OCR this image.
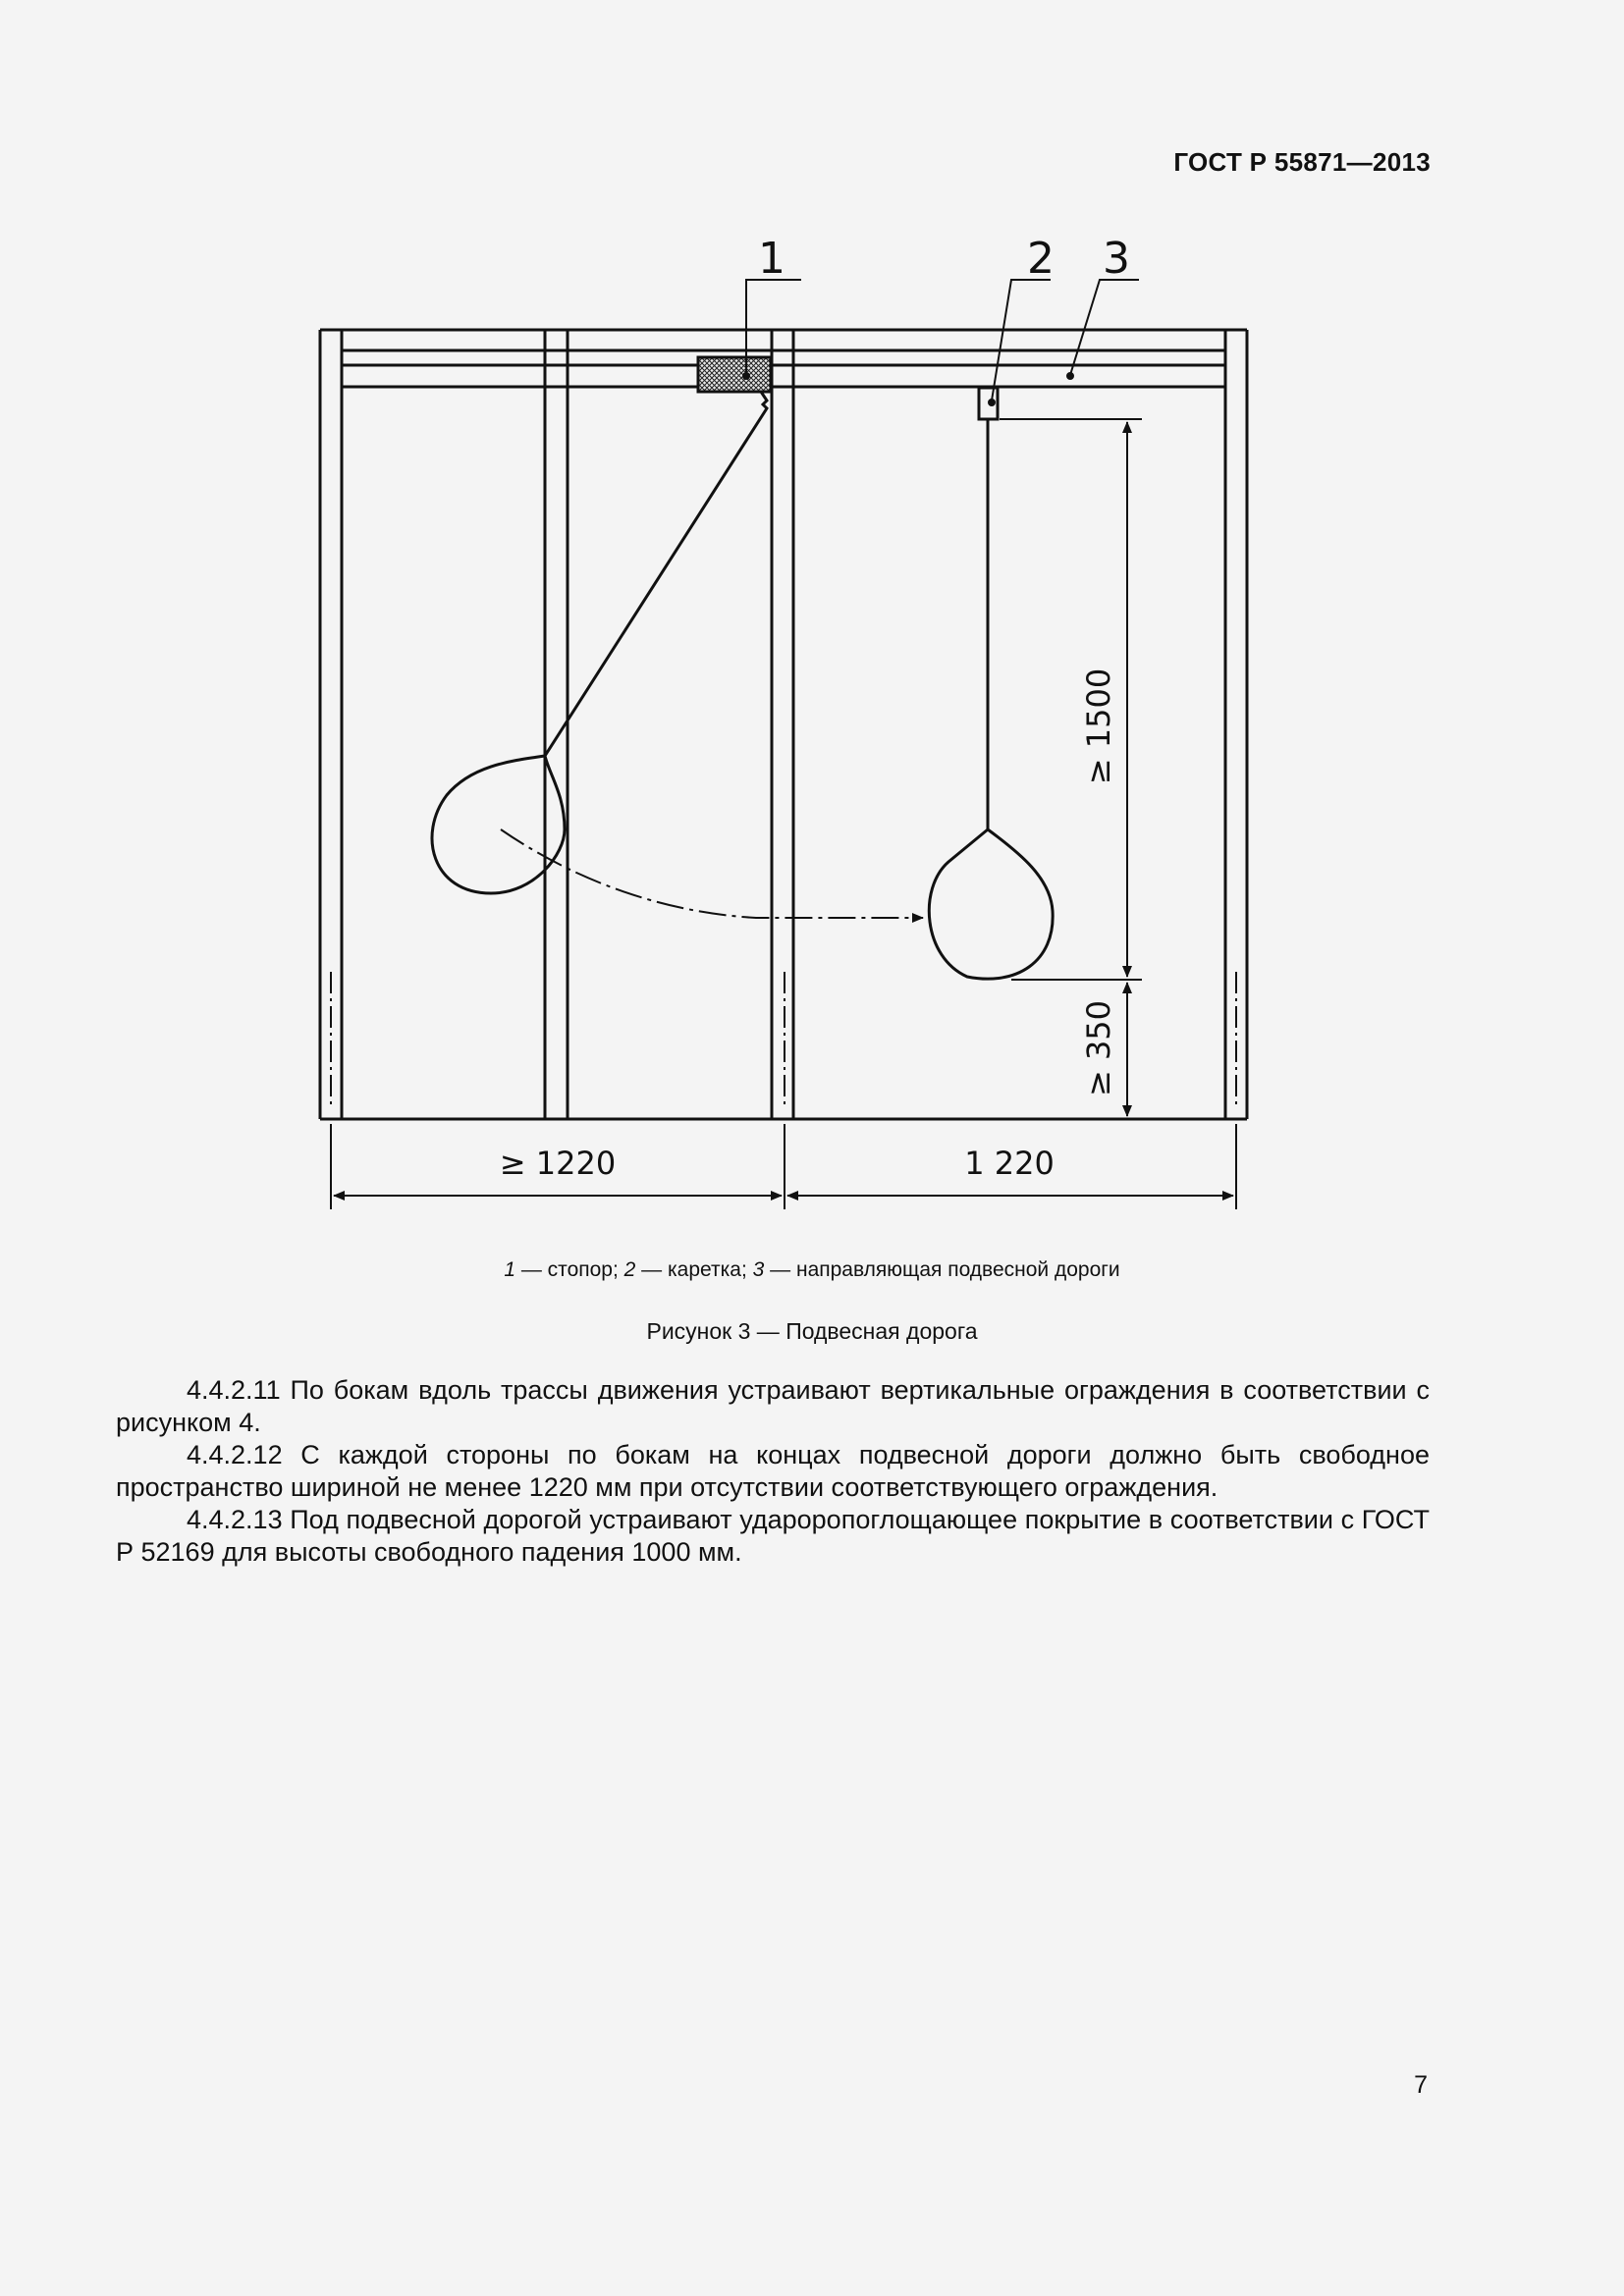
ГОСТ Р 55871—2013
1	2 3
≥ 1500
≥ 350
≥ 1220	1 220
1 — стопор; 2 — каретка; 3 — направляющая подвесной дороги
Рисунок 3 — Подвесная дорога

4.4.2.11 По бокам вдоль трассы движения устраивают вертикальные ограждения в соответствии с рисунком 4.

4.4.2.12 С каждой стороны по бокам на концах подвесной дороги должно быть свободное пространство шириной не менее 1220 мм при отсутствии соответствующего ограждения.

4.4.2.13 Под подвесной дорогой устраивают удароропоглощающее покрытие в соответствии с ГОСТ Р 52169 для высоты свободного падения 1000 мм.

7
